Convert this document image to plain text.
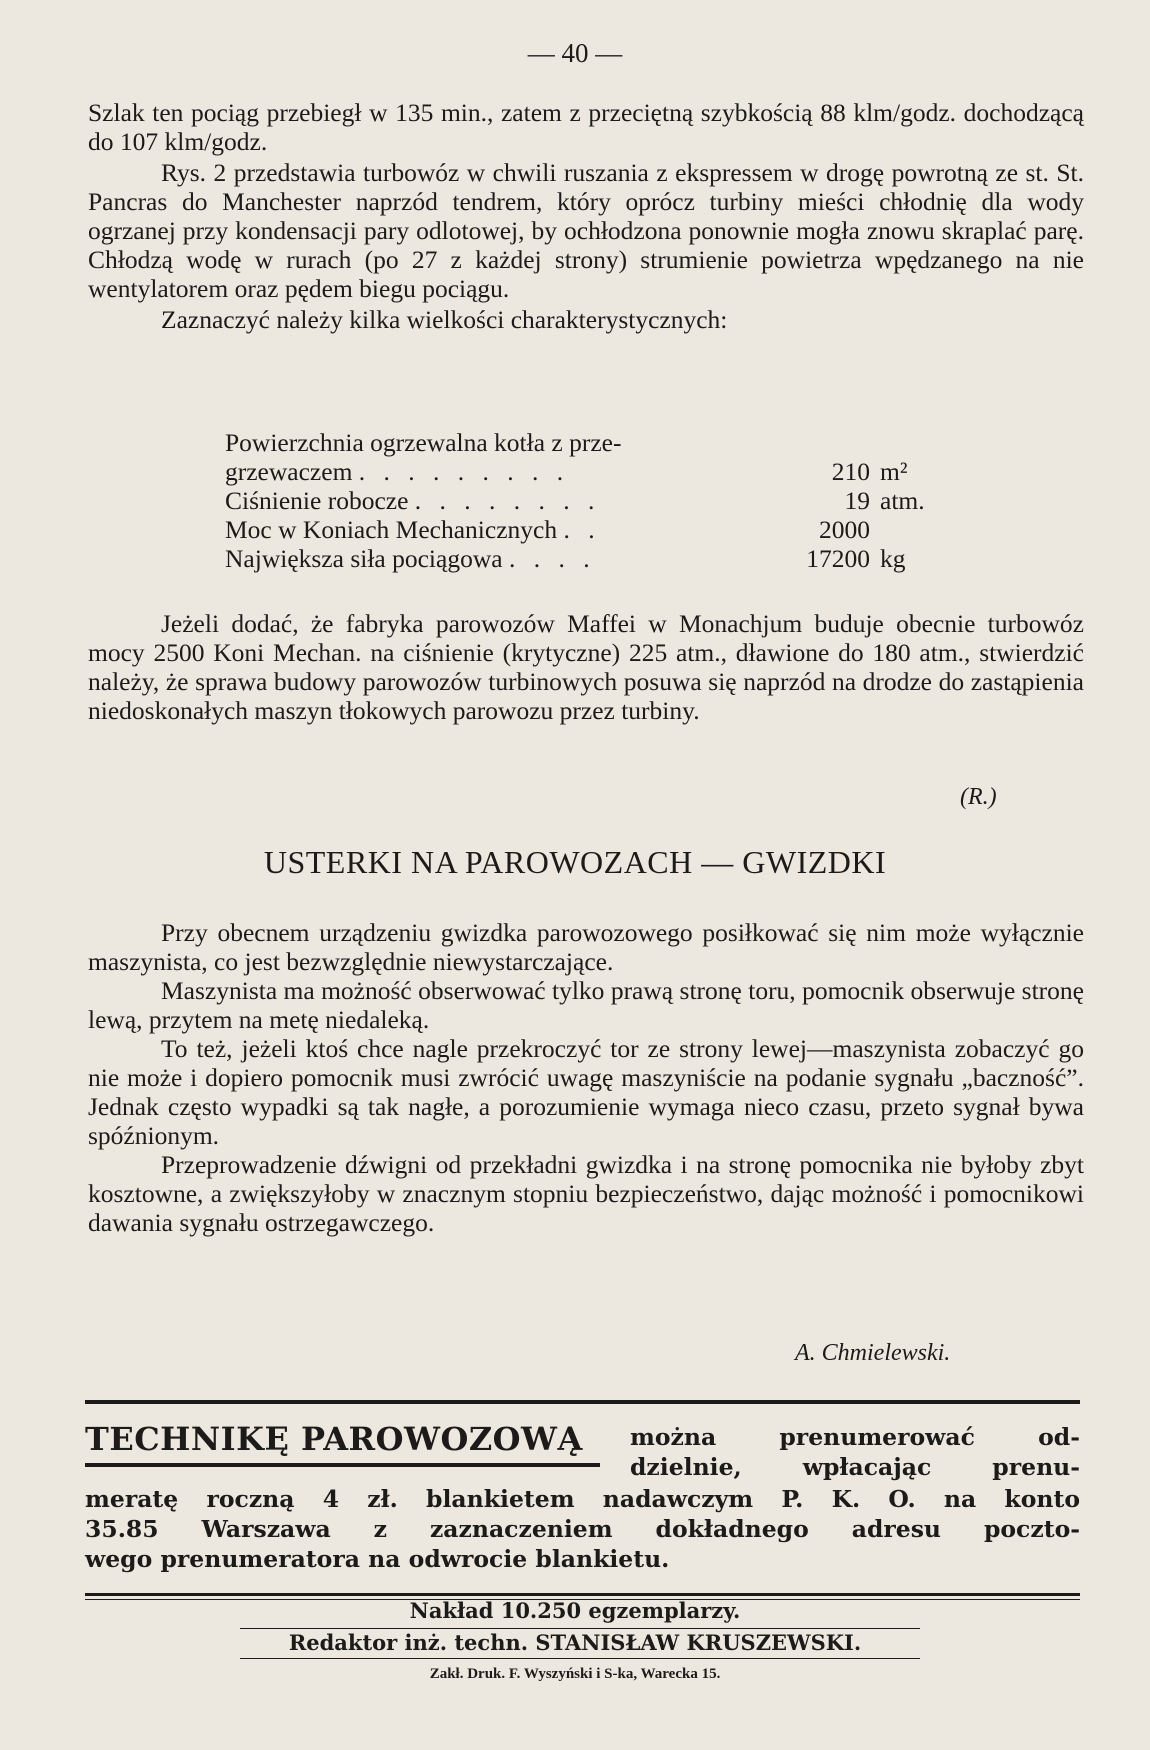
— 40 —

Szlak ten pociąg przebiegł w 135 min., zatem z przeciętną szybkością 88 klm/godz. dochodzącą do 107 klm/godz.

Rys. 2 przedstawia turbowóz w chwili ruszania z ekspressem w drogę powrotną ze st. St. Pancras do Manchester naprzód tendrem, który oprócz turbiny mieści chłodnię dla wody ogrzanej przy kondensacji pary odlotowej, by ochłodzona ponownie mogła znowu skraplać parę. Chłodzą wodę w rurach (po 27 z każdej strony) strumienie powietrza wpędzanego na nie wentylatorem oraz pędem biegu pociągu.

Zaznaczyć należy kilka wielkości charakterystycznych:

Powierzchnia ogrzewalna kotła z prze-
grzewaczem . . . . . . . . .	210 m²
Ciśnienie robocze . . . . . . . .	19 atm.
Moc w Koniach Mechanicznych . .	2000
Największa siła pociągowa . . . .	17200 kg

Jeżeli dodać, że fabryka parowozów Maffei w Monachjum buduje obecnie turbowóz mocy 2500 Koni Mechan. na ciśnienie (krytyczne) 225 atm., dławione do 180 atm., stwierdzić należy, że sprawa budowy parowozów turbinowych posuwa się naprzód na drodze do zastąpienia niedoskonałych maszyn tłokowych parowozu przez turbiny.

(R.)
USTERKI NA PAROWOZACH — GWIZDKI

Przy obecnem urządzeniu gwizdka parowozowego posiłkować się nim może wyłącznie maszynista, co jest bezwzględnie niewystarczające.

Maszynista ma możność obserwować tylko prawą stronę toru, pomocnik obserwuje stronę lewą, przytem na metę niedaleką.

To też, jeżeli ktoś chce nagle przekroczyć tor ze strony lewej—maszynista zobaczyć go nie może i dopiero pomocnik musi zwrócić uwagę maszyniście na podanie sygnału „baczność”. Jednak często wypadki są tak nagłe, a porozumienie wymaga nieco czasu, przeto sygnał bywa spóźnionym.

Przeprowadzenie dźwigni od przekładni gwizdka i na stronę pomocnika nie byłoby zbyt kosztowne, a zwiększyłoby w znacznym stopniu bezpieczeństwo, dając możność i pomocnikowi dawania sygnału ostrzegawczego.

A. Chmielewski.
TECHNIKĘ PAROWOZOWĄ można prenumerować od-
dzielnie, wpłacając prenu-
meratę roczną 4 zł. blankietem nadawczym P. K. O. na konto
35.85 Warszawa z zaznaczeniem dokładnego adresu poczto-
wego prenumeratora na odwrocie blankietu.
Nakład 10.250 egzemplarzy.
Redaktor inż. techn. STANISŁAW KRUSZEWSKI.
Zakł. Druk. F. Wyszyński i S-ka, Warecka 15.
